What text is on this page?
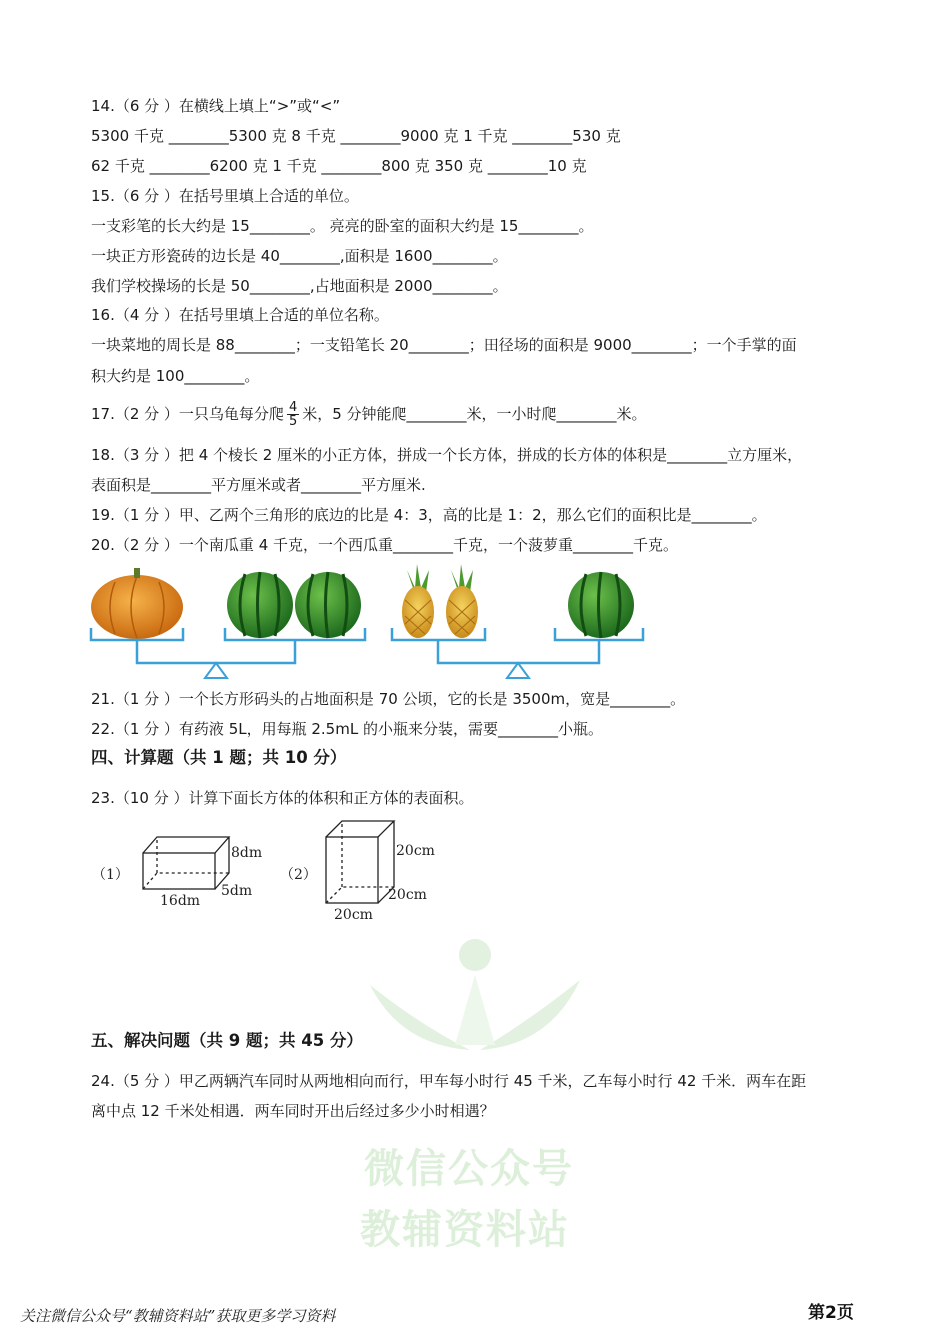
微信公众号
教辅资料站
14.（6 分 ）在横线上填上“>”或“<”
5300 千克 ________5300 克 8 千克 ________9000 克 1 千克 ________530 克
62 千克 ________6200 克 1 千克 ________800 克 350 克 ________10 克
15.（6 分 ）在括号里填上合适的单位。
一支彩笔的长大约是 15________。 亮亮的卧室的面积大约是 15________。
一块正方形瓷砖的边长是 40________,面积是 1600________。
我们学校操场的长是 50________,占地面积是 2000________。
16.（4 分 ）在括号里填上合适的单位名称。
一块菜地的周长是 88________；一支铅笔长 20________；田径场的面积是 9000________；一个手掌的面
积大约是 100________。
17.（2 分 ）一只乌龟每分爬 $\frac{4}{5}$ 米，5 分钟能爬________米，一小时爬________米。
18.（3 分 ）把 4 个棱长 2 厘米的小正方体，拼成一个长方体，拼成的长方体的体积是________立方厘米，
表面积是________平方厘米或者________平方厘米.
19.（1 分 ）甲、乙两个三角形的底边的比是 4：3，高的比是 1：2，那么它们的面积比是________。
20.（2 分 ）一个南瓜重 4 千克，一个西瓜重________千克，一个菠萝重________千克。
21.（1 分 ）一个长方形码头的占地面积是 70 公顷，它的长是 3500m，宽是________。
22.（1 分 ）有药液 5L，用每瓶 2.5mL 的小瓶来分装，需要________小瓶。
四、计算题（共 1 题；共 10 分）
23.（10 分 ）计算下面长方体的体积和正方体的表面积。
（1）
8dm
5dm
16dm
（2）
20cm
20cm
20cm
五、解决问题（共 9 题；共 45 分）
24.（5 分 ）甲乙两辆汽车同时从两地相向而行，甲车每小时行 45 千米，乙车每小时行 42 千米．两车在距
离中点 12 千米处相遇．两车同时开出后经过多少小时相遇？
关注微信公众号“教辅资料站”获取更多学习资料	第2页
